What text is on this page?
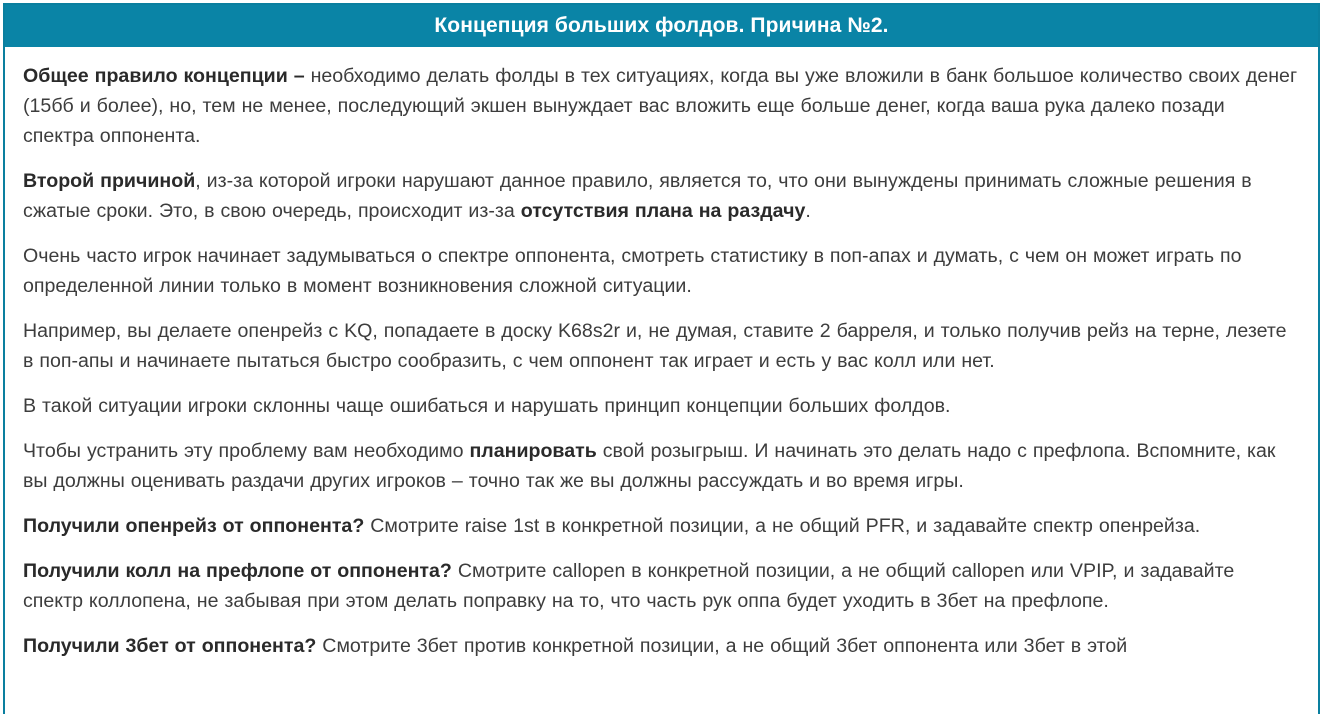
Концепция больших фолдов. Причина №2.

Общее правило концепции – необходимо делать фолды в тех ситуациях, когда вы уже вложили в банк большое количество своих денег (15бб и более), но, тем не менее, последующий экшен вынуждает вас вложить еще больше денег, когда ваша рука далеко позади спектра оппонента.

Второй причиной, из-за которой игроки нарушают данное правило, является то, что они вынуждены принимать сложные решения в сжатые сроки. Это, в свою очередь, происходит из-за отсутствия плана на раздачу.

Очень часто игрок начинает задумываться о спектре оппонента, смотреть статистику в поп-апах и думать, с чем он может играть по определенной линии только в момент возникновения сложной ситуации.

Например, вы делаете опенрейз с KQ, попадаете в доску K68s2r и, не думая, ставите 2 барреля, и только получив рейз на терне, лезете в поп-апы и начинаете пытаться быстро сообразить, с чем оппонент так играет и есть у вас колл или нет.

В такой ситуации игроки склонны чаще ошибаться и нарушать принцип концепции больших фолдов.

Чтобы устранить эту проблему вам необходимо планировать свой розыгрыш. И начинать это делать надо с префлопа. Вспомните, как вы должны оценивать раздачи других игроков – точно так же вы должны рассуждать и во время игры.

Получили опенрейз от оппонента? Смотрите raise 1st в конкретной позиции, а не общий PFR, и задавайте спектр опенрейза.

Получили колл на префлопе от оппонента? Смотрите callopen в конкретной позиции, а не общий callopen или VPIP, и задавайте спектр коллопена, не забывая при этом делать поправку на то, что часть рук оппа будет уходить в 3бет на префлопе.

Получили 3бет от оппонента? Смотрите 3бет против конкретной позиции, а не общий 3бет оппонента или 3бет в этой
